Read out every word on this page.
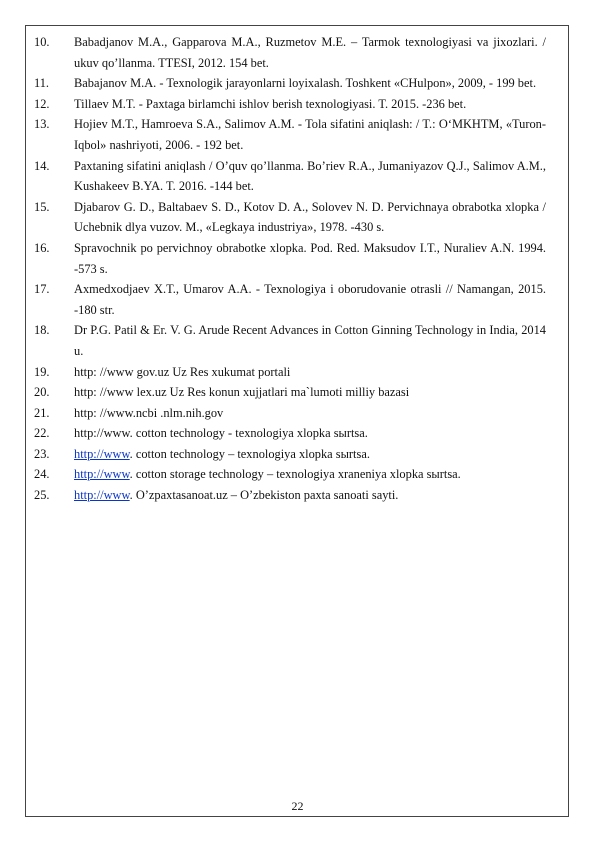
10.	Babadjanov M.A., Gapparova M.A., Ruzmetov M.E. – Tarmok texnologiyasi va jixozlari. / ukuv qo’llanma. TTESI, 2012. 154 bet.
11.	Babajanov M.A. - Texnologik jarayonlarni loyixalash. Toshkent «CHulpon», 2009, - 199 bet.
12.	Tillaev M.T. - Paxtaga birlamchi ishlov berish texnologiyasi. T. 2015. -236 bet.
13.	Hojiev M.T., Hamroeva S.A., Salimov A.M. - Tola sifatini aniqlash: / T.: O‘MKHTM, «Turon-Iqbol» nashriyoti, 2006. - 192 bet.
14.	Paxtaning sifatini aniqlash / O’quv qo’llanma. Bo’riev R.A., Jumaniyazov Q.J., Salimov A.M., Kushakeev B.YA. T. 2016. -144 bet.
15.	Djabarov G. D., Baltabaev S. D., Kotov D. A., Solovev N. D. Pervichnaya obrabotka xlopka / Uchebnik dlya vuzov. M., «Legkaya industriya», 1978. -430 s.
16.	Spravochnik po pervichnoy obrabotke xlopka. Pod. Red. Maksudov I.T., Nuraliev A.N. 1994. -573 s.
17.	Axmedxodjaev X.T., Umarov A.A. - Texnologiya i oborudovanie otrasli // Namangan, 2015. -180 str.
18.	Dr P.G. Patil & Er. V. G. Arude Recent Advances in Cotton Ginning Technology in India, 2014 u.
19.	http: //www gov.uz Uz Res xukumat portali
20.	http: //www lex.uz Uz Res konun xujjatlari ma`lumoti milliy bazasi
21.	http: //www.ncbi .nlm.nih.gov
22.	http://www. cotton technology - texnologiya xlopka sыrtsa.
23.	http://www. cotton technology – texnologiya xlopka sыrtsa.
24.	http://www. cotton storage technology – texnologiya xraneniya xlopka sыrtsa.
25.	http://www. O’zpaxtasanoat.uz – O’zbekiston paxta sanoati sayti.
22
